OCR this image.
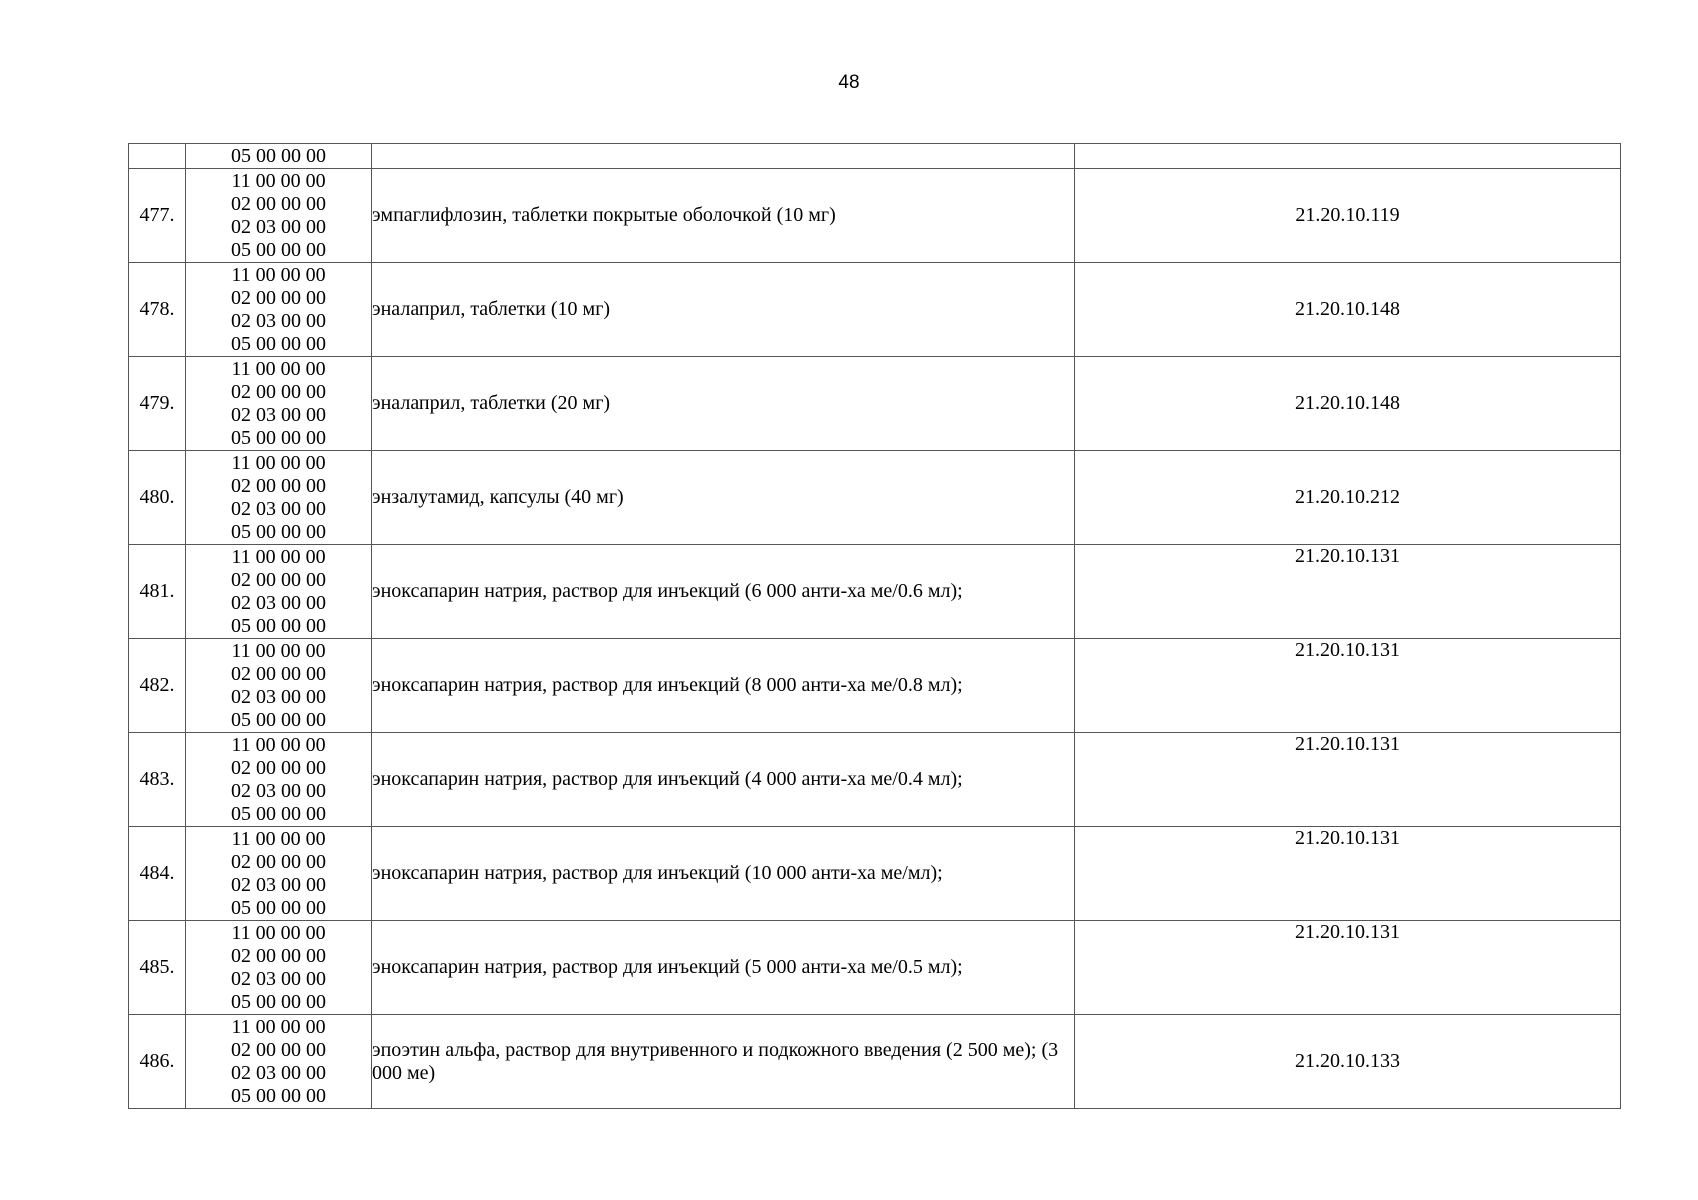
48

	05 00 00 00		

477.	11 00 00 00
02 00 00 00
02 03 00 00
05 00 00 00	эмпаглифлозин, таблетки покрытые оболочкой (10 мг)	21.20.10.119
478.	11 00 00 00
02 00 00 00
02 03 00 00
05 00 00 00	эналаприл, таблетки (10 мг)	21.20.10.148
479.	11 00 00 00
02 00 00 00
02 03 00 00
05 00 00 00	эналаприл, таблетки (20 мг)	21.20.10.148
480.	11 00 00 00
02 00 00 00
02 03 00 00
05 00 00 00	энзалутамид, капсулы (40 мг)	21.20.10.212
481.	11 00 00 00
02 00 00 00
02 03 00 00
05 00 00 00	эноксапарин натрия, раствор для инъекций (6 000 анти-ха ме/0.6 мл);	21.20.10.131
482.	11 00 00 00
02 00 00 00
02 03 00 00
05 00 00 00	эноксапарин натрия, раствор для инъекций (8 000 анти-ха ме/0.8 мл);	21.20.10.131
483.	11 00 00 00
02 00 00 00
02 03 00 00
05 00 00 00	эноксапарин натрия, раствор для инъекций (4 000 анти-ха ме/0.4 мл);	21.20.10.131
484.	11 00 00 00
02 00 00 00
02 03 00 00
05 00 00 00	эноксапарин натрия, раствор для инъекций (10 000 анти-ха ме/мл);	21.20.10.131
485.	11 00 00 00
02 00 00 00
02 03 00 00
05 00 00 00	эноксапарин натрия, раствор для инъекций (5 000 анти-ха ме/0.5 мл);	21.20.10.131
486.	11 00 00 00
02 00 00 00
02 03 00 00
05 00 00 00	эпоэтин альфа, раствор для внутривенного и подкожного введения (2 500 ме); (3 000 ме)	21.20.10.133
